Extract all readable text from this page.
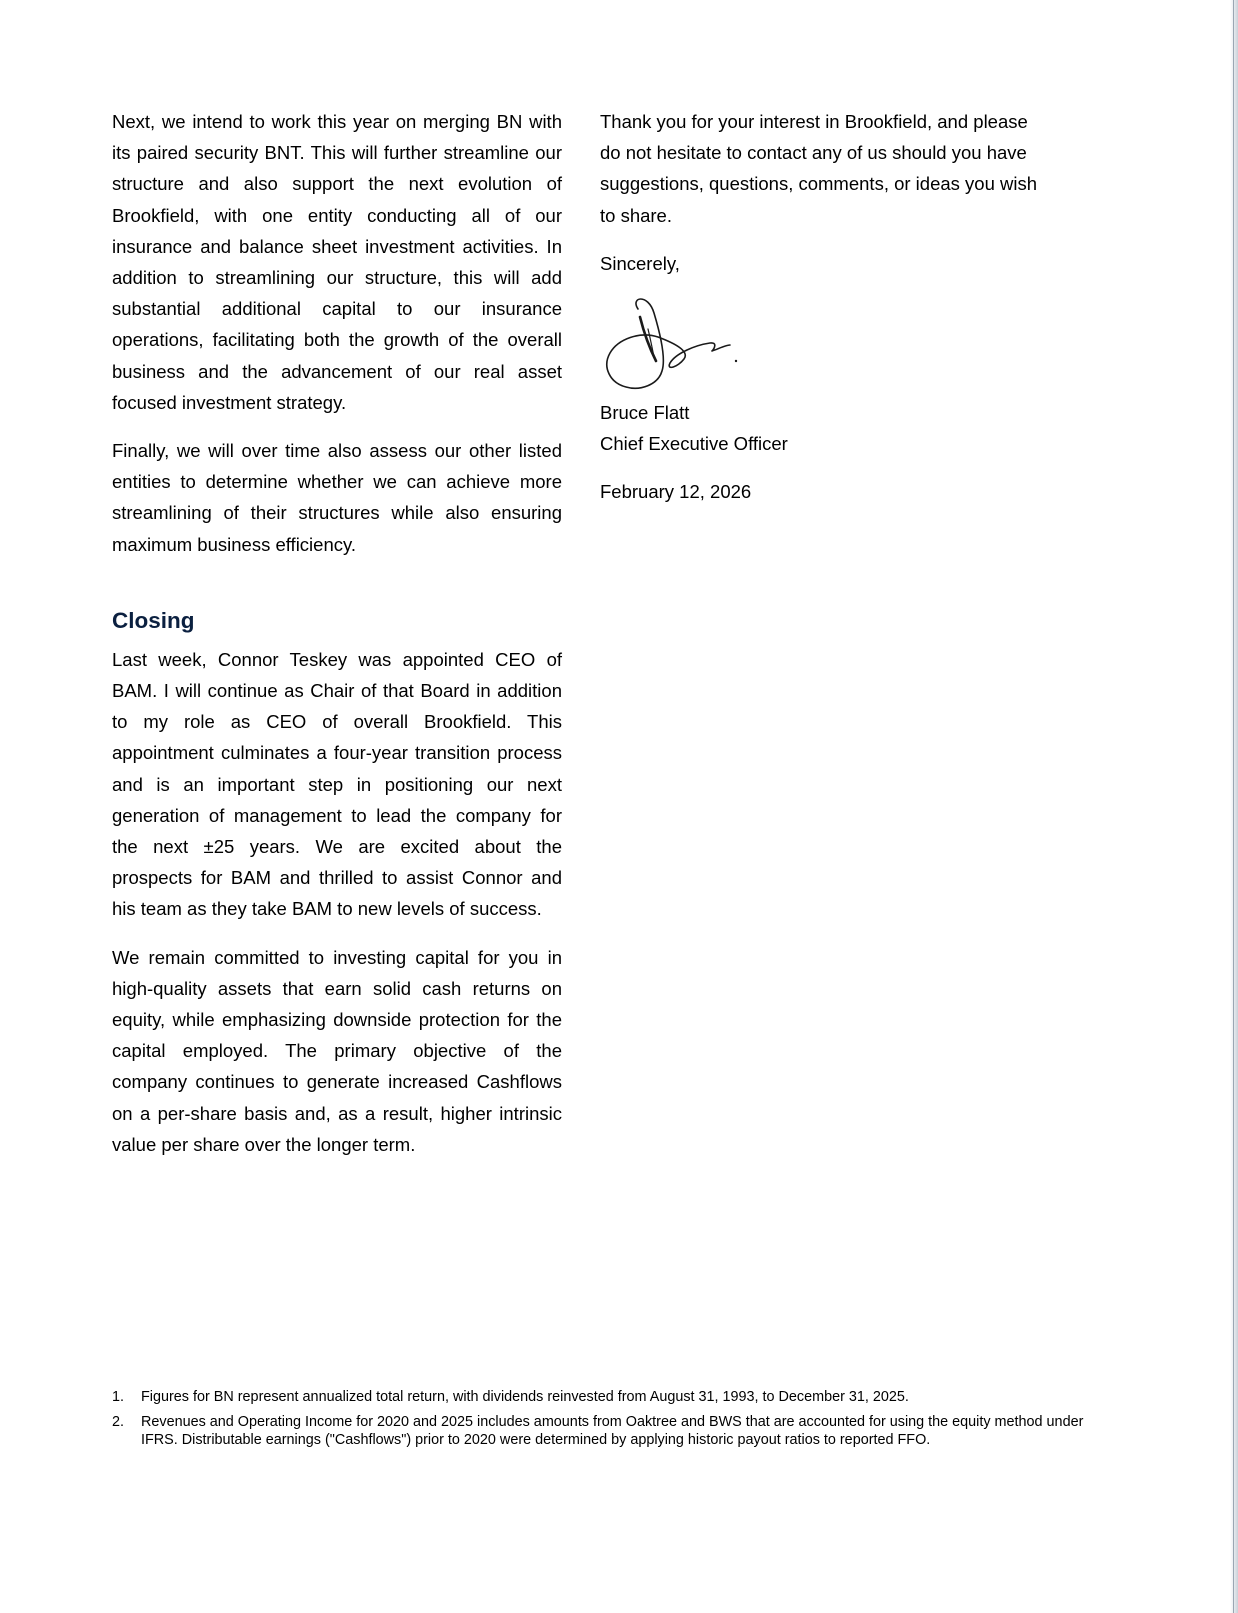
Next, we intend to work this year on merging BN with its paired security BNT. This will further streamline our structure and also support the next evolution of Brookfield, with one entity conducting all of our insurance and balance sheet investment activities. In addition to streamlining our structure, this will add substantial additional capital to our insurance operations, facilitating both the growth of the overall business and the advancement of our real asset focused investment strategy.

Finally, we will over time also assess our other listed entities to determine whether we can achieve more streamlining of their structures while also ensuring maximum business efficiency.

Closing

Last week, Connor Teskey was appointed CEO of BAM. I will continue as Chair of that Board in addition to my role as CEO of overall Brookfield. This appointment culminates a four-year transition process and is an important step in positioning our next generation of management to lead the company for the next ±25 years. We are excited about the prospects for BAM and thrilled to assist Connor and his team as they take BAM to new levels of success.

We remain committed to investing capital for you in high-quality assets that earn solid cash returns on equity, while emphasizing downside protection for the capital employed. The primary objective of the company continues to generate increased Cashflows on a per-share basis and, as a result, higher intrinsic value per share over the longer term.

Thank you for your interest in Brookfield, and please do not hesitate to contact any of us should you have suggestions, questions, comments, or ideas you wish to share.

Sincerely,

Bruce Flatt

Chief Executive Officer

February 12, 2026

1.	Figures for BN represent annualized total return, with dividends reinvested from August 31, 1993, to December 31, 2025.
2.	Revenues and Operating Income for 2020 and 2025 includes amounts from Oaktree and BWS that are accounted for using the equity method under IFRS. Distributable earnings ("Cashflows") prior to 2020 were determined by applying historic payout ratios to reported FFO.
